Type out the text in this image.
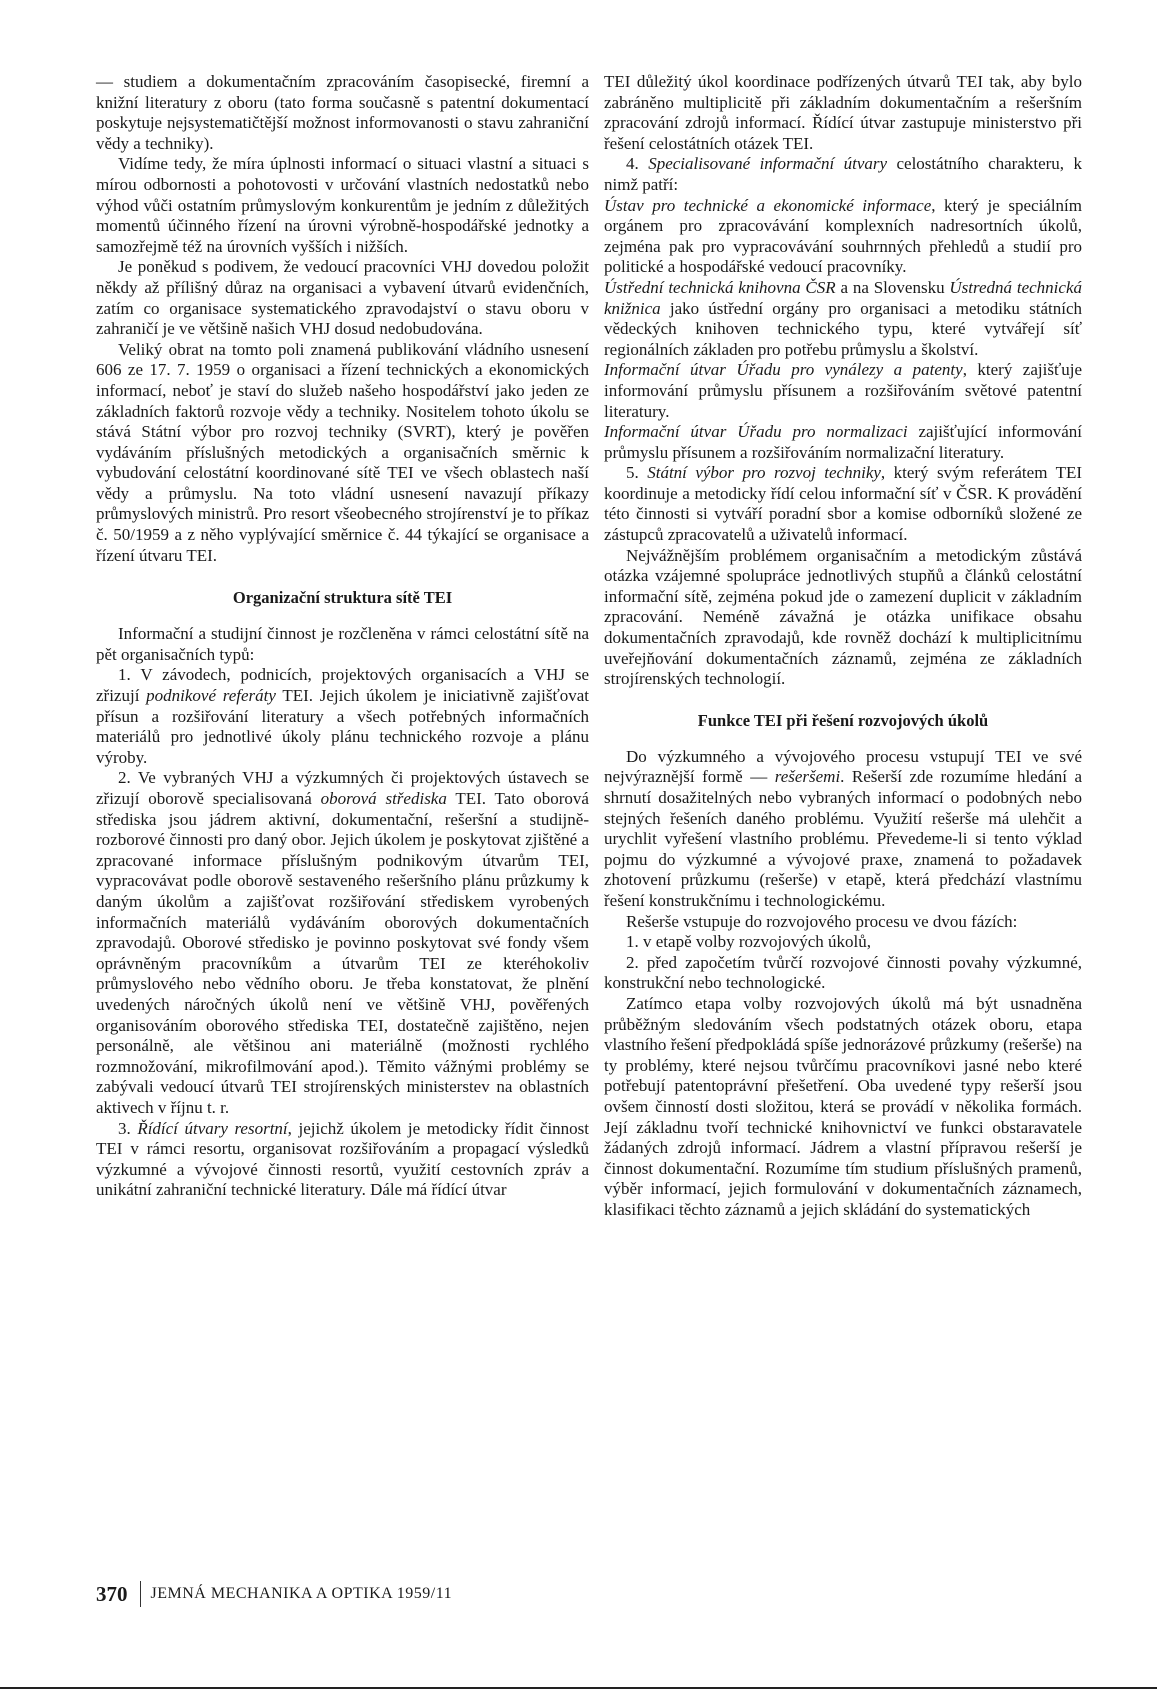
— studiem a dokumentačním zpracováním časopisecké, firemní a knižní literatury z oboru (tato forma současně s patentní dokumentací poskytuje nejsystematičtější možnost informovanosti o stavu zahraniční vědy a techniky).

Vidíme tedy, že míra úplnosti informací o situaci vlastní a situaci s mírou odbornosti a pohotovosti v určování vlastních nedostatků nebo výhod vůči ostatním průmyslovým konkurentům je jedním z důležitých momentů účinného řízení na úrovni výrobně-hospodářské jednotky a samozřejmě též na úrovních vyšších i nižších.

Je poněkud s podivem, že vedoucí pracovníci VHJ dovedou položit někdy až přílišný důraz na organisaci a vybavení útvarů evidenčních, zatím co organisace systematického zpravodajství o stavu oboru v zahraničí je ve většině našich VHJ dosud nedobudována.

Veliký obrat na tomto poli znamená publikování vládního usnesení 606 ze 17. 7. 1959 o organisaci a řízení technických a ekonomických informací, neboť je staví do služeb našeho hospodářství jako jeden ze základních faktorů rozvoje vědy a techniky. Nositelem tohoto úkolu se stává Státní výbor pro rozvoj techniky (SVRT), který je pověřen vydáváním příslušných metodických a organisačních směrnic k vybudování celostátní koordinované sítě TEI ve všech oblastech naší vědy a průmyslu. Na toto vládní usnesení navazují příkazy průmyslových ministrů. Pro resort všeobecného strojírenství je to příkaz č. 50/1959 a z něho vyplývající směrnice č. 44 týkající se organisace a řízení útvaru TEI.

Organizační struktura sítě TEI

Informační a studijní činnost je rozčleněna v rámci celostátní sítě na pět organisačních typů:

1. V závodech, podnicích, projektových organisacích a VHJ se zřizují podnikové referáty TEI. Jejich úkolem je iniciativně zajišťovat přísun a rozšiřování literatury a všech potřebných informačních materiálů pro jednotlivé úkoly plánu technického rozvoje a plánu výroby.

2. Ve vybraných VHJ a výzkumných či projektových ústavech se zřizují oborově specialisovaná oborová střediska TEI. Tato oborová střediska jsou jádrem aktivní, dokumentační, rešeršní a studijně-rozborové činnosti pro daný obor. Jejich úkolem je poskytovat zjištěné a zpracované informace příslušným podnikovým útvarům TEI, vypracovávat podle oborově sestaveného rešeršního plánu průzkumy k daným úkolům a zajišťovat rozšiřování střediskem vyrobených informačních materiálů vydáváním oborových dokumentačních zpravodajů. Oborové středisko je povinno poskytovat své fondy všem oprávněným pracovníkům a útvarům TEI ze kteréhokoliv průmyslového nebo vědního oboru. Je třeba konstatovat, že plnění uvedených náročných úkolů není ve většině VHJ, pověřených organisováním oborového střediska TEI, dostatečně zajištěno, nejen personálně, ale většinou ani materiálně (možnosti rychlého rozmnožování, mikrofilmování apod.). Těmito vážnými problémy se zabývali vedoucí útvarů TEI strojírenských ministerstev na oblastních aktivech v říjnu t. r.

3. Řídící útvary resortní, jejichž úkolem je metodicky řídit činnost TEI v rámci resortu, organisovat rozšiřováním a propagací výsledků výzkumné a vývojové činnosti resortů, využití cestovních zpráv a unikátní zahraniční technické literatury. Dále má řídící útvar

TEI důležitý úkol koordinace podřízených útvarů TEI tak, aby bylo zabráněno multiplicitě při základním dokumentačním a rešeršním zpracování zdrojů informací. Řídící útvar zastupuje ministerstvo při řešení celostátních otázek TEI.

4. Specialisované informační útvary celostátního charakteru, k nimž patří:

Ústav pro technické a ekonomické informace, který je speciálním orgánem pro zpracovávání komplexních nadresortních úkolů, zejména pak pro vypracovávání souhrnných přehledů a studií pro politické a hospodářské vedoucí pracovníky.

Ústřední technická knihovna ČSR a na Slovensku Ústredná technická knižnica jako ústřední orgány pro organisaci a metodiku státních vědeckých knihoven technického typu, které vytvářejí síť regionálních základen pro potřebu průmyslu a školství.

Informační útvar Úřadu pro vynálezy a patenty, který zajišťuje informování průmyslu přísunem a rozšiřováním světové patentní literatury.

Informační útvar Úřadu pro normalizaci zajišťující informování průmyslu přísunem a rozšiřováním normalizační literatury.

5. Státní výbor pro rozvoj techniky, který svým referátem TEI koordinuje a metodicky řídí celou informační síť v ČSR. K provádění této činnosti si vytváří poradní sbor a komise odborníků složené ze zástupců zpracovatelů a uživatelů informací.

Nejvážnějším problémem organisačním a metodickým zůstává otázka vzájemné spolupráce jednotlivých stupňů a článků celostátní informační sítě, zejména pokud jde o zamezení duplicit v základním zpracování. Neméně závažná je otázka unifikace obsahu dokumentačních zpravodajů, kde rovněž dochází k multiplicitnímu uveřejňování dokumentačních záznamů, zejména ze základních strojírenských technologií.

Funkce TEI při řešení rozvojových úkolů

Do výzkumného a vývojového procesu vstupují TEI ve své nejvýraznější formě — rešeršemi. Rešerší zde rozumíme hledání a shrnutí dosažitelných nebo vybraných informací o podobných nebo stejných řešeních daného problému. Využití rešerše má ulehčit a urychlit vyřešení vlastního problému. Převedeme-li si tento výklad pojmu do výzkumné a vývojové praxe, znamená to požadavek zhotovení průzkumu (rešerše) v etapě, která předchází vlastnímu řešení konstrukčnímu i technologickému.

Rešerše vstupuje do rozvojového procesu ve dvou fázích:

1. v etapě volby rozvojových úkolů,

2. před započetím tvůrčí rozvojové činnosti povahy výzkumné, konstrukční nebo technologické.

Zatímco etapa volby rozvojových úkolů má být usnadněna průběžným sledováním všech podstatných otázek oboru, etapa vlastního řešení předpokládá spíše jednorázové průzkumy (rešerše) na ty problémy, které nejsou tvůrčímu pracovníkovi jasné nebo které potřebují patentoprávní přešetření. Oba uvedené typy rešerší jsou ovšem činností dosti složitou, která se provádí v několika formách. Její základnu tvoří technické knihovnictví ve funkci obstaravatele žádaných zdrojů informací. Jádrem a vlastní přípravou rešerší je činnost dokumentační. Rozumíme tím studium příslušných pramenů, výběr informací, jejich formulování v dokumentačních záznamech, klasifikaci těchto záznamů a jejich skládání do systematických

370 JEMNÁ MECHANIKA A OPTIKA 1959/11
